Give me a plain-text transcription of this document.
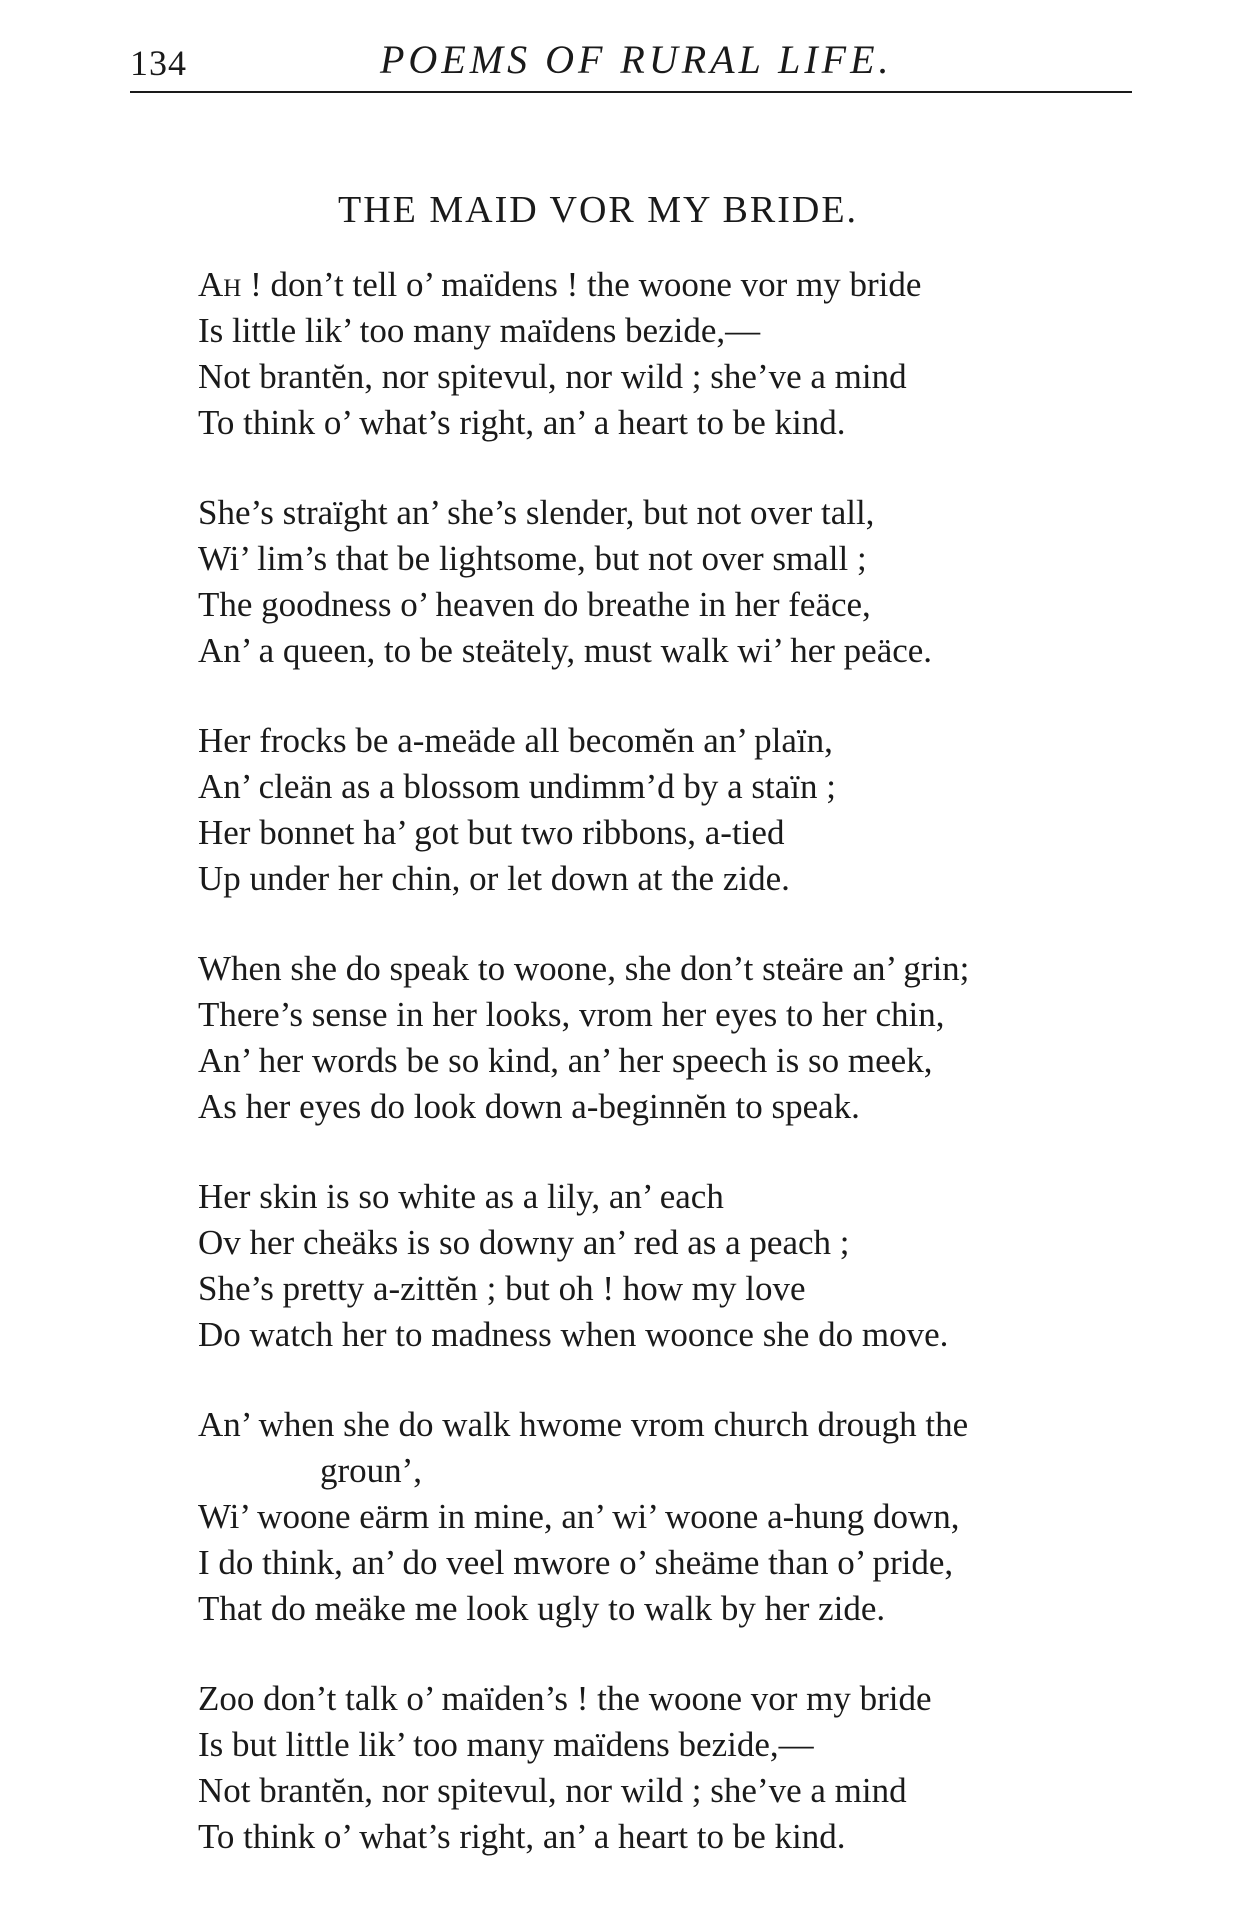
134	POEMS OF RURAL LIFE.
THE MAID VOR MY BRIDE.
Ah ! don’t tell o’ maïdens ! the woone vor my bride
Is little lik’ too many maïdens bezide,—
Not brantĕn, nor spitevul, nor wild ; she’ve a mind
To think o’ what’s right, an’ a heart to be kind.
She’s straïght an’ she’s slender, but not over tall,
Wi’ lim’s that be lightsome, but not over small ;
The goodness o’ heaven do breathe in her feäce,
An’ a queen, to be steätely, must walk wi’ her peäce.
Her frocks be a-meäde all becomĕn an’ plaïn,
An’ cleän as a blossom undimm’d by a staïn ;
Her bonnet ha’ got but two ribbons, a-tied
Up under her chin, or let down at the zide.
When she do speak to woone, she don’t steäre an’ grin;
There’s sense in her looks, vrom her eyes to her chin,
An’ her words be so kind, an’ her speech is so meek,
As her eyes do look down a-beginnĕn to speak.
Her skin is so white as a lily, an’ each
Ov her cheäks is so downy an’ red as a peach ;
She’s pretty a-zittĕn ; but oh ! how my love
Do watch her to madness when woonce she do move.
An’ when she do walk hwome vrom church drough the
groun’,
Wi’ woone eärm in mine, an’ wi’ woone a-hung down,
I do think, an’ do veel mwore o’ sheäme than o’ pride,
That do meäke me look ugly to walk by her zide.
Zoo don’t talk o’ maïden’s ! the woone vor my bride
Is but little lik’ too many maïdens bezide,—
Not brantĕn, nor spitevul, nor wild ; she’ve a mind
To think o’ what’s right, an’ a heart to be kind.
